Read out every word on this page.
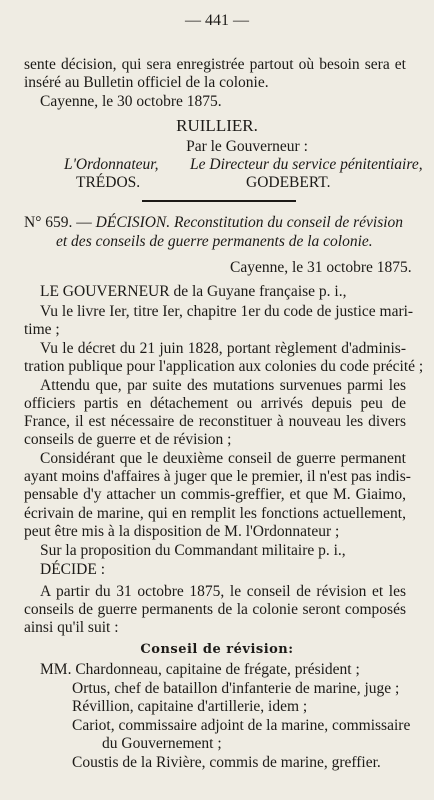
— 441 —
sente décision, qui sera enregistrée partout où besoin sera et
inséré au Bulletin officiel de la colonie.
Cayenne, le 30 octobre 1875.
RUILLIER.
Par le Gouverneur :
L'Ordonnateur,	Le Directeur du service pénitentiaire,
TRÉDOS.	GODEBERT.
N° 659. — DÉCISION. Reconstitution du conseil de révision
et des conseils de guerre permanents de la colonie.
Cayenne, le 31 octobre 1875.
LE GOUVERNEUR de la Guyane française p. i.,
Vu le livre Ier, titre Ier, chapitre 1er du code de justice mari-
time ;
Vu le décret du 21 juin 1828, portant règlement d'adminis-
tration publique pour l'application aux colonies du code précité ;
Attendu que, par suite des mutations survenues parmi les
officiers partis en détachement ou arrivés depuis peu de
France, il est nécessaire de reconstituer à nouveau les divers
conseils de guerre et de révision ;
Considérant que le deuxième conseil de guerre permanent
ayant moins d'affaires à juger que le premier, il n'est pas indis-
pensable d'y attacher un commis-greffier, et que M. Giaimo,
écrivain de marine, qui en remplit les fonctions actuellement,
peut être mis à la disposition de M. l'Ordonnateur ;
Sur la proposition du Commandant militaire p. i.,
DÉCIDE :
A partir du 31 octobre 1875, le conseil de révision et les
conseils de guerre permanents de la colonie seront composés
ainsi qu'il suit :
Conseil de révision:
MM. Chardonneau, capitaine de frégate, président ;
Ortus, chef de bataillon d'infanterie de marine, juge ;
Révillion, capitaine d'artillerie, idem ;
Cariot, commissaire adjoint de la marine, commissaire
du Gouvernement ;
Coustis de la Rivière, commis de marine, greffier.
